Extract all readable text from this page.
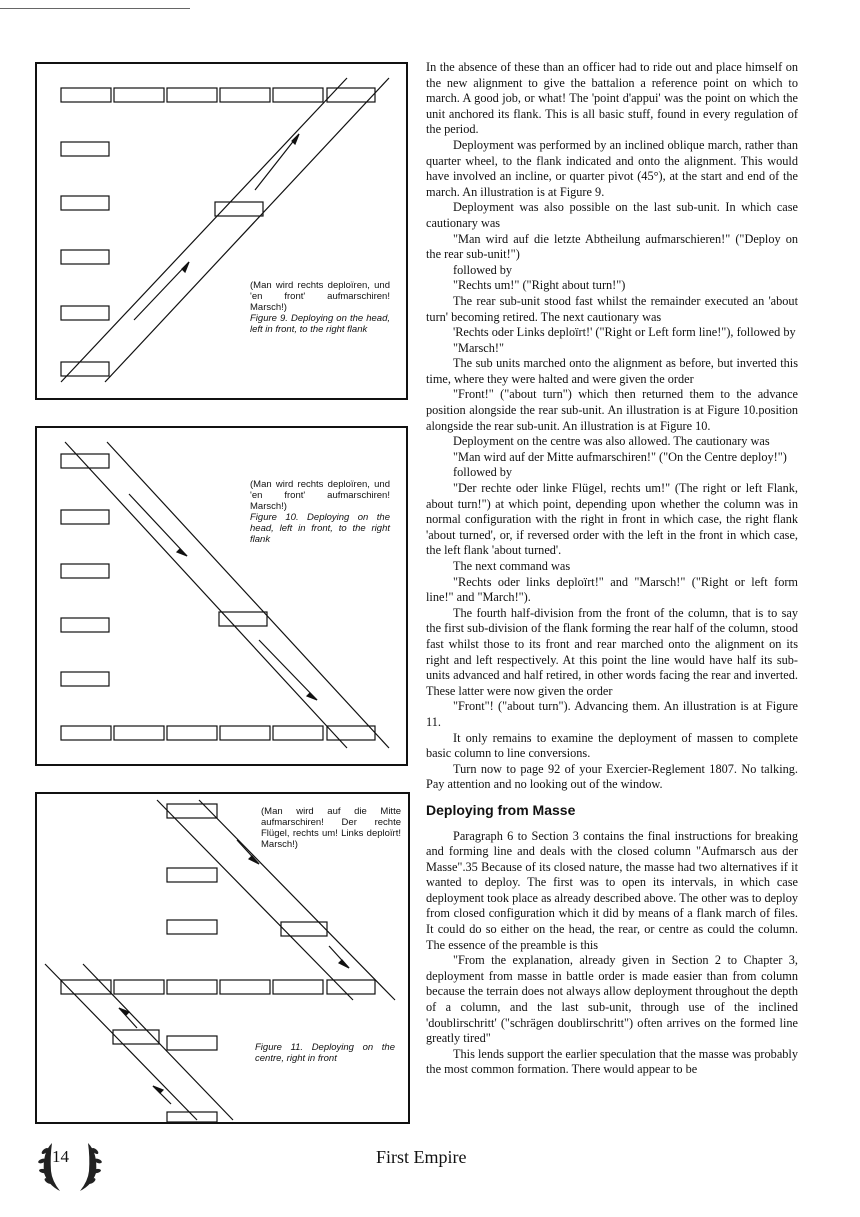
(Man wird rechts deploïren, und 'en front' aufmarschiren! Marsch!)
Figure 9. Deploying on the head, left in front, to the right flank
(Man wird rechts deploïren, und 'en front' aufmarschiren! Marsch!)
Figure 10. Deploying on the head, left in front, to the right flank
(Man wird auf die Mitte aufmarschiren! Der rechte Flügel, rechts um! Links deploïrt! Marsch!)
Figure 11. Deploying on the centre, right in front

In the absence of these than an officer had to ride out and place himself on the new alignment to give the battalion a reference point on which to march. A good job, or what! The 'point d'appui' was the point on which the unit anchored its flank. This is all basic stuff, found in every regulation of the period.

Deployment was performed by an inclined oblique march, rather than quarter wheel, to the flank indicated and onto the alignment. This would have involved an incline, or quarter pivot (45°), at the start and end of the march. An illustration is at Figure 9.

Deployment was also possible on the last sub-unit. In which case cautionary was

"Man wird auf die letzte Abtheilung aufmarschieren!" ("Deploy on the rear sub-unit!")

followed by

"Rechts um!" ("Right about turn!")

The rear sub-unit stood fast whilst the remainder executed an 'about turn' becoming retired. The next cautionary was

'Rechts oder Links deploïrt!' ("Right or Left form line!"), followed by

"Marsch!"

The sub units marched onto the alignment as before, but inverted this time, where they were halted and were given the order

"Front!" ("about turn") which then returned them to the advance position alongside the rear sub-unit. An illustration is at Figure 10.position alongside the rear sub-unit. An illustration is at Figure 10.

Deployment on the centre was also allowed. The cautionary was

"Man wird auf der Mitte aufmarschiren!" ("On the Centre deploy!")

followed by

"Der rechte oder linke Flügel, rechts um!" (The right or left Flank, about turn!") at which point, depending upon whether the column was in normal configuration with the right in front in which case, the right flank 'about turned', or, if reversed order with the left in the front in which case, the left flank 'about turned'.

The next command was

"Rechts oder links deploïrt!" and "Marsch!" ("Right or left form line!" and "March!").

The fourth half-division from the front of the column, that is to say the first sub-division of the flank forming the rear half of the column, stood fast whilst those to its front and rear marched onto the alignment on its right and left respectively. At this point the line would have half its sub-units advanced and half retired, in other words facing the rear and inverted. These latter were now given the order

"Front"! ("about turn"). Advancing them. An illustration is at Figure 11.

It only remains to examine the deployment of massen to complete basic column to line conversions.

Turn now to page 92 of your Exercier-Reglement 1807. No talking. Pay attention and no looking out of the window.

Deploying from Masse

Paragraph 6 to Section 3 contains the final instructions for breaking and forming line and deals with the closed column "Aufmarsch aus der Masse".35 Because of its closed nature, the masse had two alternatives if it wanted to deploy. The first was to open its intervals, in which case deployment took place as already described above. The other was to deploy from closed configuration which it did by means of a flank march of files. It could do so either on the head, the rear, or centre as could the column. The essence of the preamble is this

"From the explanation, already given in Section 2 to Chapter 3, deployment from masse in battle order is made easier than from column because the terrain does not always allow deployment throughout the depth of a column, and the last sub-unit, through use of the inclined 'doublirschritt' ("schrägen doublirschritt") often arrives on the formed line greatly tired"

This lends support the earlier speculation that the masse was probably the most common formation. There would appear to be

14	First Empire
